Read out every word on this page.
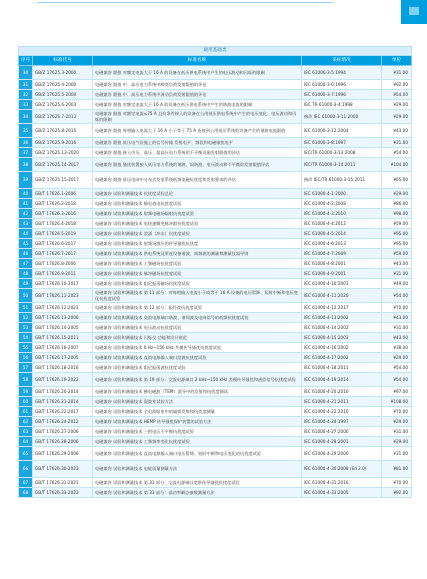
通用基础类				
序号	标准代号	标准名称	采标情况	单价
30	GB/Z 17625.3-2000	电磁兼容 限值 对额定电流大于 16 A 的设备在低压供电系统中产生的电压波动和闪烁的限制	IEC 61000-3-5:1994	¥31.00
31	GB/Z 17625.4-2000	电磁兼容 限值 中、高压电力系统中畸变负荷发射限值的评估	IEC 61000-3-6:1996	¥92.00
32	GB/Z 17625.5-2000	电磁兼容 限值 中、高压电力系统中波动负荷发射限值的评估	IEC 61000-3-7:1996	¥54.00
33	GB/Z 17625.6-2003	电磁兼容 限值 对额定电流大于 16 A 的设备在低压供电系统中产生的谐波电流的限制	IEC TR 61000-3-4:1998	¥29.00
34	GB/Z 17625.7-2013	电磁兼容 限值 对额定电流≤75 A 且有条件接入的设备在公用低压供电系统中产生的电压变化、电压波动和闪烁的限制	修改 IEC 61000-3-11:2000	¥29.00
35	GB/Z 17625.8-2015	电磁兼容 限值 每相输入电流大于 16 A 小于等于 75 A 连接到公用低压系统的设备产生的谐波电流限值	IEC 61000-3-12:2004	¥43.00
36	GB/Z 17625.9-2016	电磁兼容 限值 低压电气设施上的信号传输 发射电平、频段和电磁骚扰电平	IEC 61000-3-8:1997	¥31.00
37	GB/Z 17625.13-2020	电磁兼容 限值 接入中压、高压、超高压电力系统的不平衡设施发射限值的评估	IEC/TR 61000-3-13:2008	¥54.00
38	GB/Z 17625.14-2017	电磁兼容 限值 骚扰装置接入低压电力系统的谐波、间谐波、电压波动和不平衡的发射限值评估	IEC/TR 61000-3-14:2011	¥104.00
39	GB/Z 17625.15-2017	电磁兼容 限值 低压电网中分布式发电系统低频电磁抗扰度和发射要求的评估	修改 IEC/TR 61000-3-15:2011	¥65.00
40	GB/T 17626.1-2006	电磁兼容 试验和测量技术 抗扰度试验总论	IEC 61000-4-1:2000	¥29.00
41	GB/T 17626.2-2018	电磁兼容 试验和测量技术 静电放电抗扰度试验	IEC 61000-4-2:2008	¥86.00
42	GB/T 17626.3-2016	电磁兼容 试验和测量技术 射频电磁场辐射抗扰度试验	IEC 61000-4-3:2010	¥98.00
43	GB/T 17626.4-2018	电磁兼容 试验和测量技术 电快速瞬变脉冲群抗扰度试验	IEC 61000-4-4:2012	¥59.00
44	GB/T 17626.5-2019	电磁兼容 试验和测量技术 浪涌（冲击）抗扰度试验	IEC 61000-4-5:2014	¥95.00
45	GB/T 17626.6-2017	电磁兼容 试验和测量技术 射频场感应的传导骚扰抗扰度	IEC 61000-4-6:2013	¥95.00
46	GB/T 17626.7-2017	电磁兼容 试验和测量技术 供电系统及所连设备谐波、间谐波的测量和测量仪器导则	IEC 61000-4-7:2009	¥59.00
47	GB/T 17626.8-2006	电磁兼容 试验和测量技术 工频磁场抗扰度试验	IEC 61000-4-8:2001	¥43.00
48	GB/T 17626.9-2011	电磁兼容 试验和测量技术 脉冲磁场抗扰度试验	IEC 61000-4-9:2001	¥31.00
49	GB/T 17626.10-2017	电磁兼容 试验和测量技术 阻尼振荡磁场抗扰度试验	IEC 61000-4-10:2001	¥49.00
50	GB/T 17626.11-2023	电磁兼容 试验和测量技术 第 11 部分：对每相输入电流小于或等于 16 A 设备的电压暂降、短时中断和电压变化抗扰度试验	IEC 61000-4-11:2020	¥54.00
51	GB/T 17626.12-2023	电磁兼容 试验和测量技术 第 12 部分：振铃波抗扰度试验	IEC 61000-4-12:2017	¥70.00
52	GB/T 17626.13-2006	电磁兼容 试验和测量技术 交流电源端口谐波、谐间波及电网信号的低频抗扰度试验	IEC 61000-4-13:2002	¥43.00
53	GB/T 17626.14-2005	电磁兼容 试验和测量技术 电压波动抗扰度试验	IEC 61000-4-14:2002	¥31.00
54	GB/T 17626.15-2011	电磁兼容 试验和测量技术 闪烁仪 功能和设计规范	IEC 61000-4-15:2003	¥43.00
55	GB/T 17626.16-2007	电磁兼容 试验和测量技术 0 Hz~150 kHz 共模传导骚扰抗扰度试验	IEC 61000-4-16:2002	¥38.00
56	GB/T 17626.17-2005	电磁兼容 试验和测量技术 直流电源输入端口纹波抗扰度试验	IEC 61000-4-17:2002	¥29.00
57	GB/T 17626.18-2016	电磁兼容 试验和测量技术 阻尼振荡波抗扰度试验	IEC 61000-4-18:2011	¥54.00
58	GB/T 17626.19-2022	电磁兼容 试验和测量技术 第 19 部分：交流电源端口 2 kHz~150 kHz 差模传导骚扰和通信信号抗扰度试验	IEC 61000-4-19:2014	¥54.00
59	GB/T 17626.20-2014	电磁兼容 试验和测量技术 横电磁波（TEM）波导中的发射和抗扰度测试	IEC 61000-4-20:2010	¥97.00
60	GB/T 17626.21-2014	电磁兼容 试验和测量技术 混波室试验方法	IEC 61000-4-21:2011	¥108.00
61	GB/T 17626.22-2017	电磁兼容 试验和测量技术 全电波暗室中的辐射发射和抗扰度测量	IEC 61000-4-22:2010	¥70.00
62	GB/T 17626.24-2012	电磁兼容 试验和测量技术 HEMP 传导骚扰保护装置的试验方法	IEC 61000-4-24:1997	¥29.00
63	GB/T 17626.27-2006	电磁兼容 试验和测量技术 三相电压不平衡抗扰度试验	IEC 61000-4-27:2000	¥31.00
64	GB/T 17626.28-2006	电磁兼容 试验和测量技术 工频频率变化抗扰度试验	IEC 61000-4-28:2001	¥29.00
65	GB/T 17626.29-2006	电磁兼容 试验和测量技术 直流电源输入端口电压暂降、短时中断和电压变化的抗扰度试验	IEC 61000-4-29:2000	¥31.00
66	GB/T 17626.30-2023	电磁兼容 试验和测量技术 电能质量测量方法	IEC 61000-4-30:2008 (Ed 2.0)	¥81.00
67	GB/T 17626.31-2021	电磁兼容 试验和测量技术 第 31 部分：交流电源端口宽带传导骚扰抗扰度试验	IEC 61000-4-31:2016	¥70.00
68	GB/T 17626.33-2023	电磁兼容 试验和测量技术 第 33 部分：高功率瞬态参数测量方法	IEC 61000-4-33:2005	¥92.00
